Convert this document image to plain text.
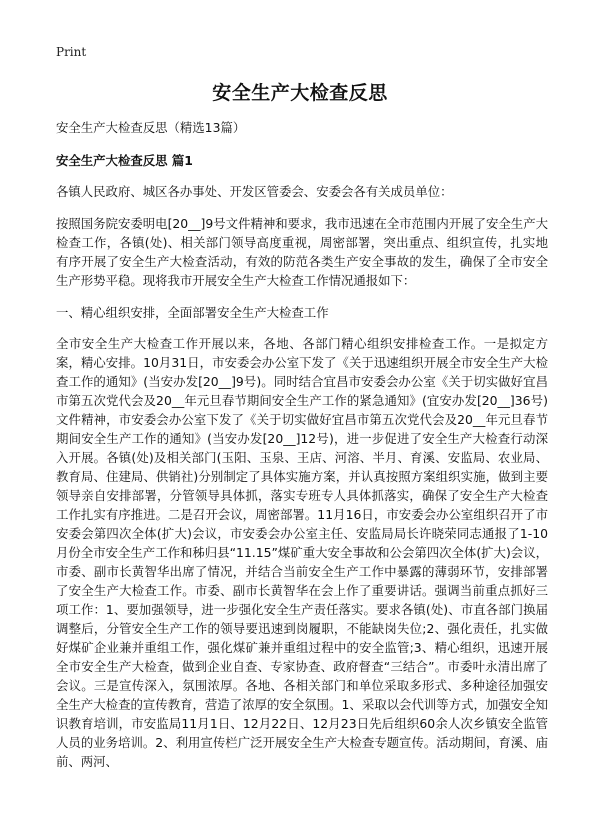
Print
安全生产大检查反思

安全生产大检查反思（精选13篇）

安全生产大检查反思 篇1

各镇人民政府、城区各办事处、开发区管委会、安委会各有关成员单位：

按照国务院安委明电[20__]9号文件精神和要求，我市迅速在全市范围内开展了安全生产大检查工作，各镇(处)、相关部门领导高度重视，周密部署，突出重点、组织宣传，扎实地有序开展了安全生产大检查活动，有效的防范各类生产安全事故的发生，确保了全市安全生产形势平稳。现将我市开展安全生产大检查工作情况通报如下：

一、精心组织安排，全面部署安全生产大检查工作

全市安全生产大检查工作开展以来，各地、各部门精心组织安排检查工作。一是拟定方案，精心安排。10月31日，市安委会办公室下发了《关于迅速组织开展全市安全生产大检查工作的通知》(当安办发[20__]9号)。同时结合宜昌市安委会办公室《关于切实做好宜昌市第五次党代会及20__年元旦春节期间安全生产工作的紧急通知》(宜安办发[20__]36号)文件精神，市安委会办公室下发了《关于切实做好宜昌市第五次党代会及20__年元旦春节期间安全生产工作的通知》(当安办发[20__]12号)，进一步促进了安全生产大检查行动深入开展。各镇(处)及相关部门(玉阳、玉泉、王店、河溶、半月、育溪、安监局、农业局、教育局、住建局、供销社)分别制定了具体实施方案，并认真按照方案组织实施，做到主要领导亲自安排部署，分管领导具体抓，落实专班专人具体抓落实，确保了安全生产大检查工作扎实有序推进。二是召开会议，周密部署。11月16日，市安委会办公室组织召开了市安委会第四次全体(扩大)会议，市安委会办公室主任、安监局局长许晓荣同志通报了1-10月份全市安全生产工作和秭归县“11.15”煤矿重大安全事故和公会第四次全体(扩大)会议，市委、副市长黄智华出席了情况，并结合当前安全生产工作中暴露的薄弱环节，安排部署了安全生产大检查工作。市委、副市长黄智华在会上作了重要讲话。强调当前重点抓好三项工作：1、要加强领导，进一步强化安全生产责任落实。要求各镇(处)、市直各部门换届调整后，分管安全生产工作的领导要迅速到岗履职，不能缺岗失位;2、强化责任，扎实做好煤矿企业兼并重组工作，强化煤矿兼并重组过程中的安全监管;3、精心组织，迅速开展全市安全生产大检查，做到企业自查、专家协查、政府督查“三结合”。市委叶永清出席了会议。三是宣传深入，氛围浓厚。各地、各相关部门和单位采取多形式、多种途径加强安全生产大检查的宣传教育，营造了浓厚的安全氛围。1、采取以会代训等方式，加强安全知识教育培训，市安监局11月1日、12月22日、12月23日先后组织60余人次乡镇安全监管人员的业务培训。2、利用宣传栏广泛开展安全生产大检查专题宣传。活动期间，育溪、庙前、两河、
